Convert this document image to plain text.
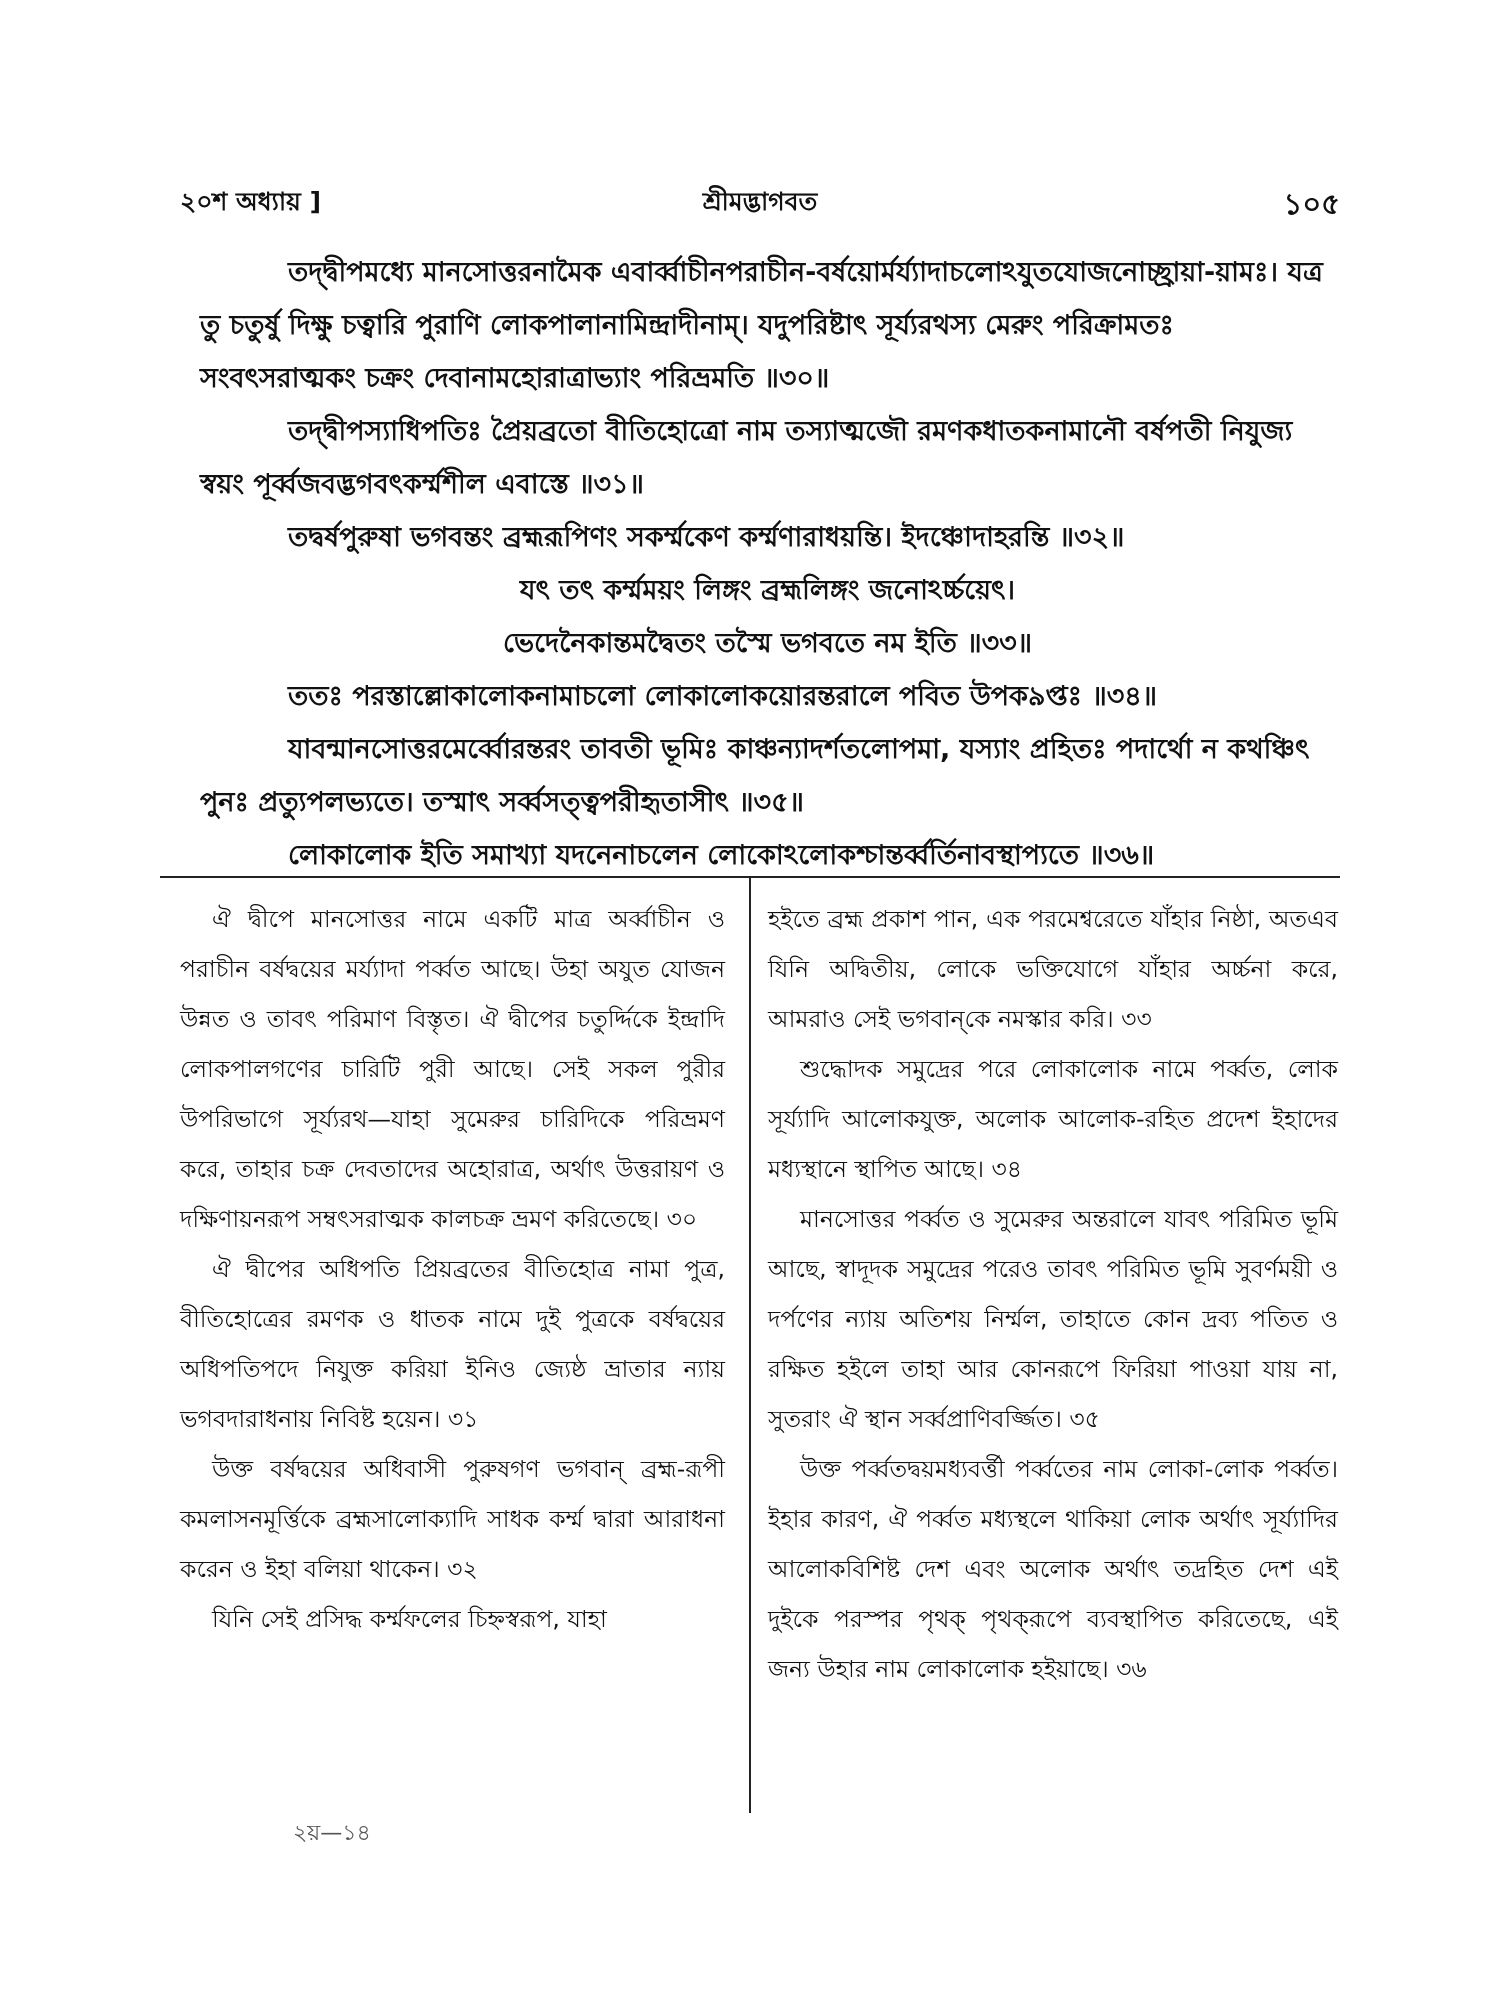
২০শ অধ্যায় ]	শ্রীমদ্ভাগবত	১০৫

তদ্দ্বীপমধ্যে মানসোত্তরনামৈক এবার্ব্বাচীনপরাচীন-বর্ষয়োর্মর্য্যাদাচলোঽযুতযোজনোচ্ছ্রায়া-য়ামঃ। যত্র তু চতুর্ষু দিক্ষু চত্বারি পুরাণি লোকপালানামিন্দ্রাদীনাম্। যদুপরিষ্টাৎ সূর্য্যরথস্য মেরুং পরিক্রামতঃ সংবৎসরাত্মকং চক্রং দেবানামহোরাত্রাভ্যাং পরিভ্রমতি ॥৩০॥

তদ্দ্বীপস্যাধিপতিঃ প্রৈয়ব্রতো বীতিহোত্রো নাম তস্যাত্মজৌ রমণকধাতকনামানৌ বর্ষপতী নিযুজ্য স্বয়ং পূর্ব্বজবদ্ভগবৎকর্ম্মশীল এবাস্তে ॥৩১॥

তদ্বর্ষপুরুষা ভগবন্তং ব্রহ্মরূপিণং সকর্ম্মকেণ কর্ম্মণারাধয়ন্তি। ইদঞ্চোদাহরন্তি ॥৩২॥

যৎ তৎ কর্ম্মময়ং লিঙ্গং ব্রহ্মলিঙ্গং জনোঽর্চ্চয়েৎ।

ভেদেনৈকান্তমদ্বৈতং তস্মৈ ভগবতে নম ইতি ॥৩৩॥

ততঃ পরস্তাল্লোকালোকনামাচলো লোকালোকয়োরন্তরালে পবিত উপক৯প্তঃ ॥৩৪॥

যাবন্মানসোত্তরমের্ব্বোরন্তরং তাবতী ভূমিঃ কাঞ্চন্যাদর্শতলোপমা, যস্যাং প্রহিতঃ পদার্থো ন কথঞ্চিৎ পুনঃ প্রত্যুপলভ্যতে। তস্মাৎ সর্ব্বসত্ত্বপরীহৃতাসীৎ ॥৩৫॥

লোকালোক ইতি সমাখ্যা যদনেনাচলেন লোকোঽলোকশ্চান্তর্ব্বর্তিনাবস্থাপ্যতে ॥৩৬॥

ঐ দ্বীপে মানসোত্তর নামে একটি মাত্র অর্ব্বাচীন ও পরাচীন বর্ষদ্বয়ের মর্য্যাদা পর্ব্বত আছে। উহা অযুত যোজন উন্নত ও তাবৎ পরিমাণ বিস্তৃত। ঐ দ্বীপের চতুর্দ্দিকে ইন্দ্রাদি লোকপালগণের চারিটি পুরী আছে। সেই সকল পুরীর উপরিভাগে সূর্য্যরথ—যাহা সুমেরুর চারিদিকে পরিভ্রমণ করে, তাহার চক্র দেবতাদের অহোরাত্র, অর্থাৎ উত্তরায়ণ ও দক্ষিণায়নরূপ সম্বৎসরাত্মক কালচক্র ভ্রমণ করিতেছে। ৩০

ঐ দ্বীপের অধিপতি প্রিয়ব্রতের বীতিহোত্র নামা পুত্র, বীতিহোত্রের রমণক ও ধাতক নামে দুই পুত্রকে বর্ষদ্বয়ের অধিপতিপদে নিযুক্ত করিয়া ইনিও জ্যেষ্ঠ ভ্রাতার ন্যায় ভগবদারাধনায় নিবিষ্ট হয়েন। ৩১

উক্ত বর্ষদ্বয়ের অধিবাসী পুরুষগণ ভগবান্ ব্রহ্ম-রূপী কমলাসনমূর্ত্তিকে ব্রহ্মসালোক্যাদি সাধক কর্ম্ম দ্বারা আরাধনা করেন ও ইহা বলিয়া থাকেন। ৩২

যিনি সেই প্রসিদ্ধ কর্ম্মফলের চিহ্নস্বরূপ, যাহা

হইতে ব্রহ্ম প্রকাশ পান, এক পরমেশ্বরেতে যাঁহার নিষ্ঠা, অতএব যিনি অদ্বিতীয়, লোকে ভক্তিযোগে যাঁহার অর্চ্চনা করে, আমরাও সেই ভগবান্‌কে নমস্কার করি। ৩৩

শুদ্ধোদক সমুদ্রের পরে লোকালোক নামে পর্ব্বত, লোক সূর্য্যাদি আলোকযুক্ত, অলোক আলোক-রহিত প্রদেশ ইহাদের মধ্যস্থানে স্থাপিত আছে। ৩৪

মানসোত্তর পর্ব্বত ও সুমেরুর অন্তরালে যাবৎ পরিমিত ভূমি আছে, স্বাদূদক সমুদ্রের পরেও তাবৎ পরিমিত ভূমি সুবর্ণময়ী ও দর্পণের ন্যায় অতিশয় নির্ম্মল, তাহাতে কোন দ্রব্য পতিত ও রক্ষিত হইলে তাহা আর কোনরূপে ফিরিয়া পাওয়া যায় না, সুতরাং ঐ স্থান সর্ব্বপ্রাণিবর্জ্জিত। ৩৫

উক্ত পর্ব্বতদ্বয়মধ্যবর্ত্তী পর্ব্বতের নাম লোকা-লোক পর্ব্বত। ইহার কারণ, ঐ পর্ব্বত মধ্যস্থলে থাকিয়া লোক অর্থাৎ সূর্য্যাদির আলোকবিশিষ্ট দেশ এবং অলোক অর্থাৎ তদ্রহিত দেশ এই দুইকে পরস্পর পৃথক্ পৃথক্‌রূপে ব্যবস্থাপিত করিতেছে, এই জন্য উহার নাম লোকালোক হইয়াছে। ৩৬

২য়—১৪
